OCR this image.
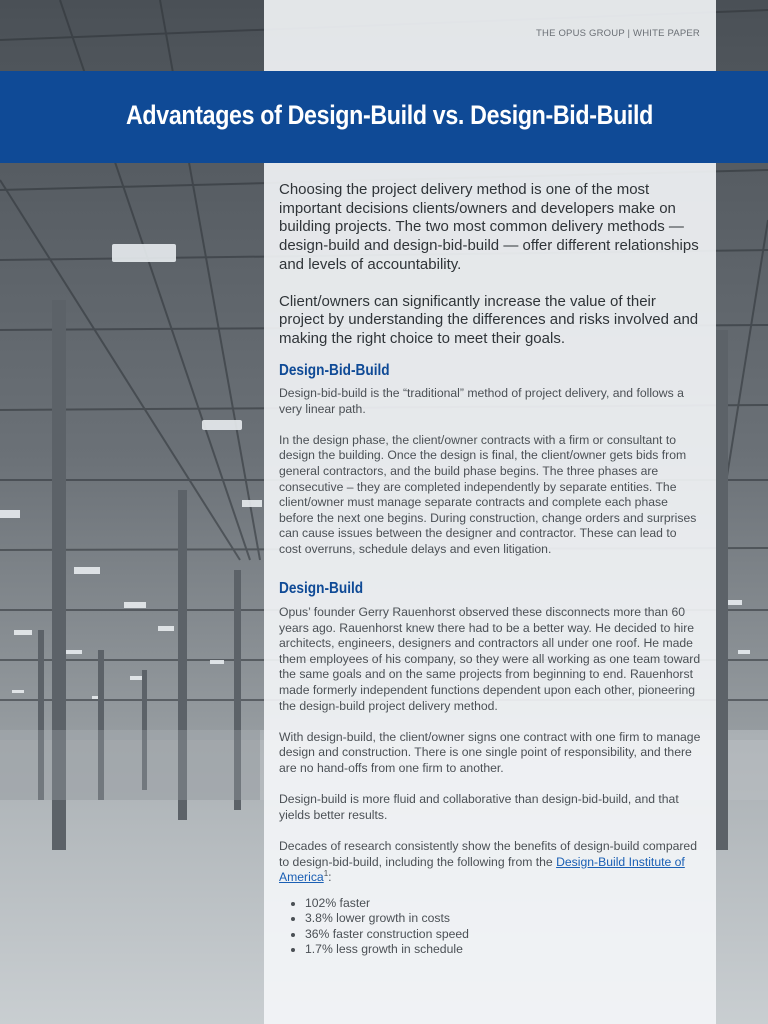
THE OPUS GROUP | WHITE PAPER
Advantages of Design-Build vs. Design-Bid-Build

Choosing the project delivery method is one of the most important decisions clients/owners and developers make on building projects. The two most common delivery methods — design-build and design-bid-build — offer different relationships and levels of accountability.

Client/owners can significantly increase the value of their project by understanding the differences and risks involved and making the right choice to meet their goals.

Design-Bid-Build

Design-bid-build is the “traditional” method of project delivery, and follows a very linear path.

In the design phase, the client/owner contracts with a firm or consultant to design the building. Once the design is final, the client/owner gets bids from general contractors, and the build phase begins. The three phases are consecutive – they are completed independently by separate entities. The client/owner must manage separate contracts and complete each phase before the next one begins. During construction, change orders and surprises can cause issues between the designer and contractor. These can lead to cost overruns, schedule delays and even litigation.

Design-Build

Opus’ founder Gerry Rauenhorst observed these disconnects more than 60 years ago. Rauenhorst knew there had to be a better way. He decided to hire architects, engineers, designers and contractors all under one roof. He made them employees of his company, so they were all working as one team toward the same goals and on the same projects from beginning to end. Rauenhorst made formerly independent functions dependent upon each other, pioneering the design-build project delivery method.

With design-build, the client/owner signs one contract with one firm to manage design and construction. There is one single point of responsibility, and there are no hand-offs from one firm to another.

Design-build is more fluid and collaborative than design-bid-build, and that yields better results.

Decades of research consistently show the benefits of design-build compared to design-bid-build, including the following from the Design-Build Institute of America$^1$:

• 102% faster
• 3.8% lower growth in costs
• 36% faster construction speed
• 1.7% less growth in schedule
